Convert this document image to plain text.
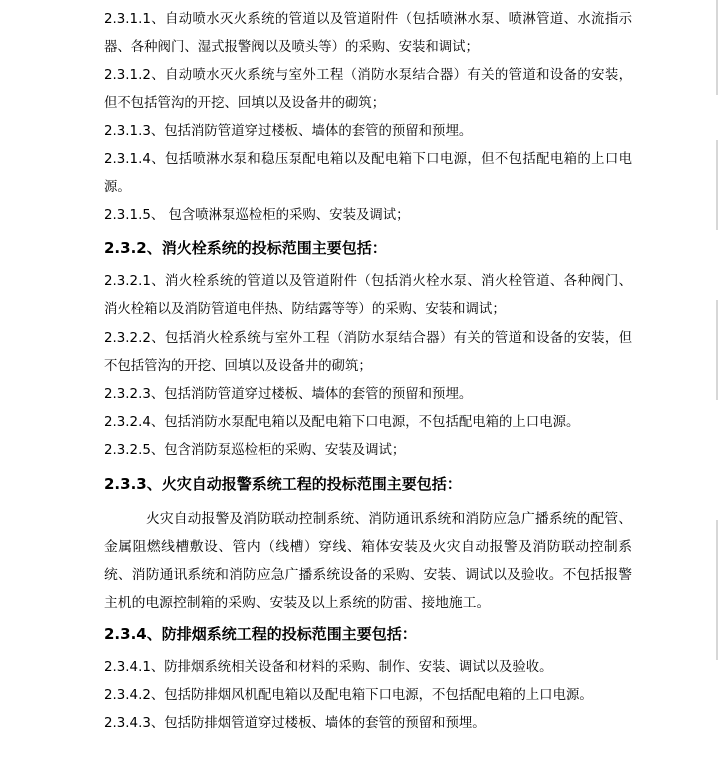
2.3.1.1、自动喷水灭火系统的管道以及管道附件（包括喷淋水泵、喷淋管道、水流指示器、各种阀门、湿式报警阀以及喷头等）的采购、安装和调试；

2.3.1.2、自动喷水灭火系统与室外工程（消防水泵结合器）有关的管道和设备的安装，但不包括管沟的开挖、回填以及设备井的砌筑；

2.3.1.3、包括消防管道穿过楼板、墙体的套管的预留和预埋。

2.3.1.4、包括喷淋水泵和稳压泵配电箱以及配电箱下口电源，但不包括配电箱的上口电源。

2.3.1.5、 包含喷淋泵巡检柜的采购、安装及调试；

2.3.2、消火栓系统的投标范围主要包括：

2.3.2.1、消火栓系统的管道以及管道附件（包括消火栓水泵、消火栓管道、各种阀门、消火栓箱以及消防管道电伴热、防结露等等）的采购、安装和调试；

2.3.2.2、包括消火栓系统与室外工程（消防水泵结合器）有关的管道和设备的安装，但不包括管沟的开挖、回填以及设备井的砌筑；

2.3.2.3、包括消防管道穿过楼板、墙体的套管的预留和预埋。

2.3.2.4、包括消防水泵配电箱以及配电箱下口电源，不包括配电箱的上口电源。

2.3.2.5、包含消防泵巡检柜的采购、安装及调试；

2.3.3、火灾自动报警系统工程的投标范围主要包括：

火灾自动报警及消防联动控制系统、消防通讯系统和消防应急广播系统的配管、金属阻燃线槽敷设、管内（线槽）穿线、箱体安装及火灾自动报警及消防联动控制系统、消防通讯系统和消防应急广播系统设备的采购、安装、调试以及验收。不包括报警主机的电源控制箱的采购、安装及以上系统的防雷、接地施工。

2.3.4、防排烟系统工程的投标范围主要包括：

2.3.4.1、防排烟系统相关设备和材料的采购、制作、安装、调试以及验收。

2.3.4.2、包括防排烟风机配电箱以及配电箱下口电源，不包括配电箱的上口电源。

2.3.4.3、包括防排烟管道穿过楼板、墙体的套管的预留和预埋。
